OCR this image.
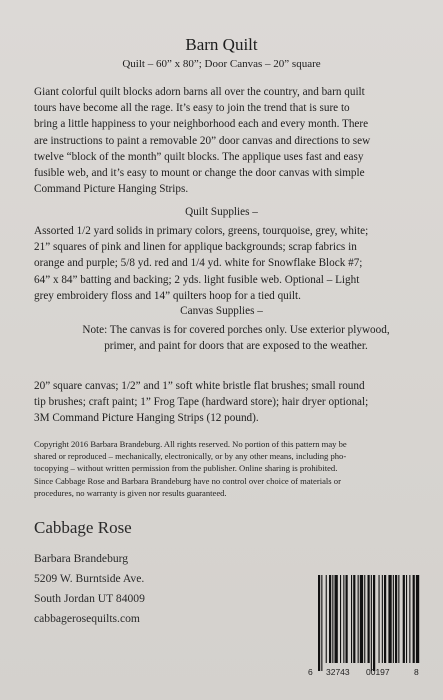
Barn Quilt
Quilt – 60” x 80”; Door Canvas – 20” square
Giant colorful quilt blocks adorn barns all over the country, and barn quilt
tours have become all the rage. It’s easy to join the trend that is sure to
bring a little happiness to your neighborhood each and every month. There
are instructions to paint a removable 20” door canvas and directions to sew
twelve “block of the month” quilt blocks. The applique uses fast and easy
fusible web, and it’s easy to mount or change the door canvas with simple
Command Picture Hanging Strips.
Quilt Supplies –
Assorted 1/2 yard solids in primary colors, greens, tourquoise, grey, white;
21” squares of pink and linen for applique backgrounds; scrap fabrics in
orange and purple; 5/8 yd. red and 1/4 yd. white for Snowflake Block #7;
64” x 84” batting and backing; 2 yds. light fusible web. Optional – Light
grey embroidery floss and 14” quilters hoop for a tied quilt.
Canvas Supplies –
Note: The canvas is for covered porches only. Use exterior plywood,
primer, and paint for doors that are exposed to the weather.
20” square canvas; 1/2” and 1” soft white bristle flat brushes; small round
tip brushes; craft paint; 1” Frog Tape (hardward store); hair dryer optional;
3M Command Picture Hanging Strips (12 pound).
Copyright 2016 Barbara Brandeburg. All rights reserved. No portion of this pattern may be
shared or reproduced – mechanically, electronically, or by any other means, including pho-
tocopying – without written permission from the publisher. Online sharing is prohibited.
Since Cabbage Rose and Barbara Brandeburg have no control over choice of materials or
procedures, no warranty is given nor results guaranteed.
Cabbage Rose
Barbara Brandeburg
5209 W. Burntside Ave.
South Jordan UT 84009
cabbagerosequilts.com
6 32743 00197	8
